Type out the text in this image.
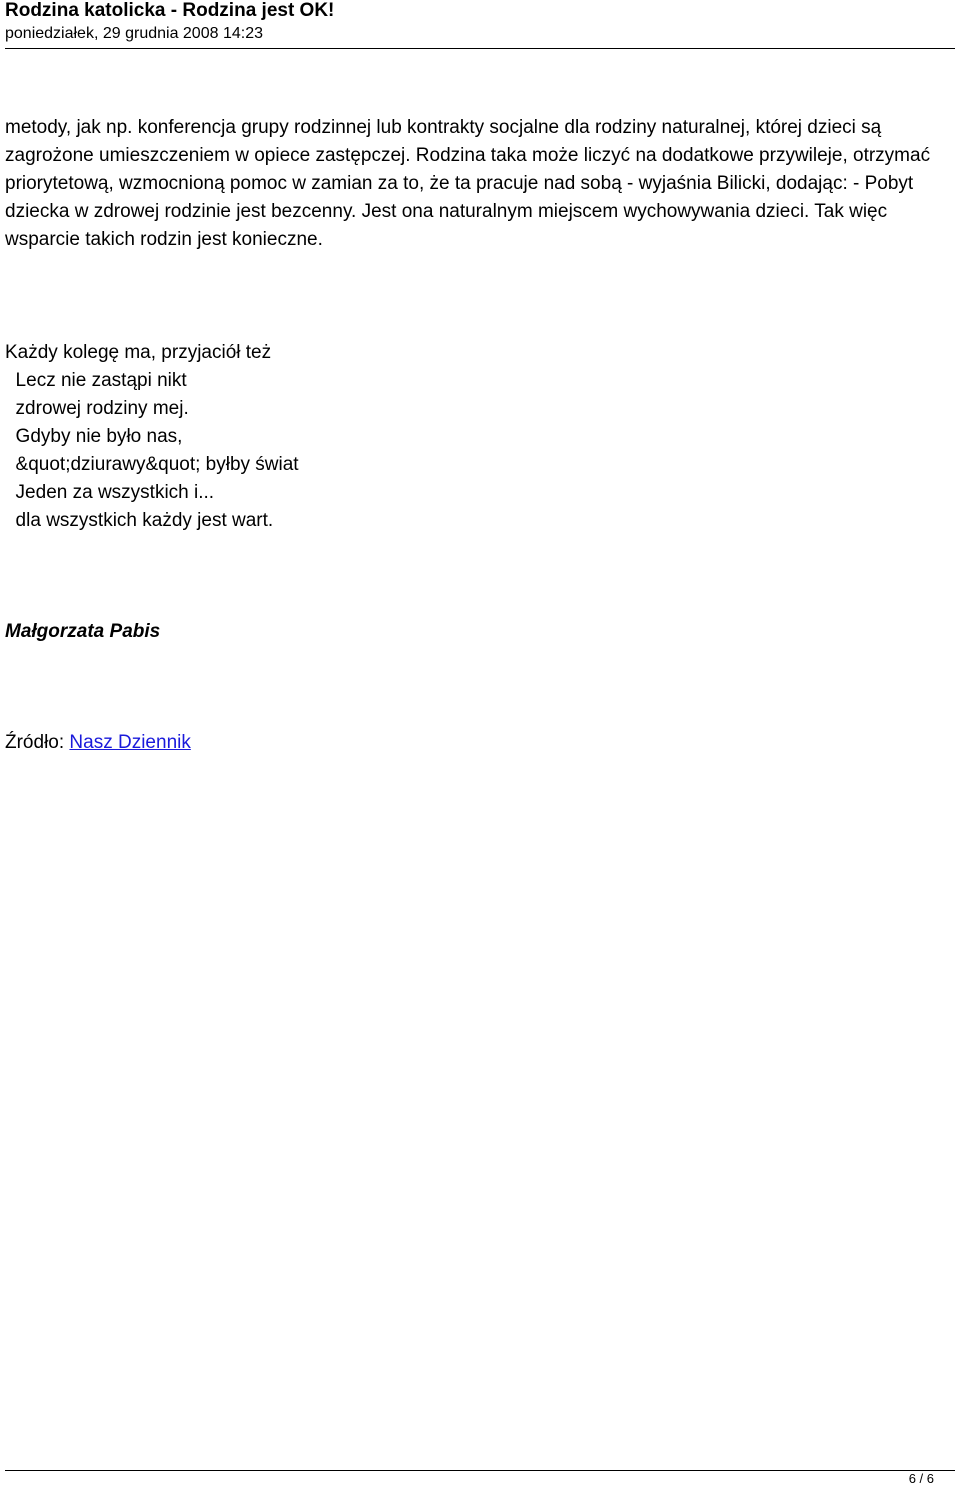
Rodzina katolicka - Rodzina jest OK!
poniedziałek, 29 grudnia 2008 14:23
metody, jak np. konferencja grupy rodzinnej lub kontrakty socjalne dla rodziny naturalnej, której dzieci są zagrożone umieszczeniem w opiece zastępczej. Rodzina taka może liczyć na dodatkowe przywileje, otrzymać priorytetową, wzmocnioną pomoc w zamian za to, że ta pracuje nad sobą - wyjaśnia Bilicki, dodając: - Pobyt dziecka w zdrowej rodzinie jest bezcenny. Jest ona naturalnym miejscem wychowywania dzieci. Tak więc wsparcie takich rodzin jest konieczne.
Każdy kolegę ma, przyjaciół też
Lecz nie zastąpi nikt
zdrowej rodziny mej.
Gdyby nie było nas,
&quot;dziurawy&quot; byłby świat
Jeden za wszystkich i...
dla wszystkich każdy jest wart.
Małgorzata Pabis
Źródło: Nasz Dziennik
6 / 6
